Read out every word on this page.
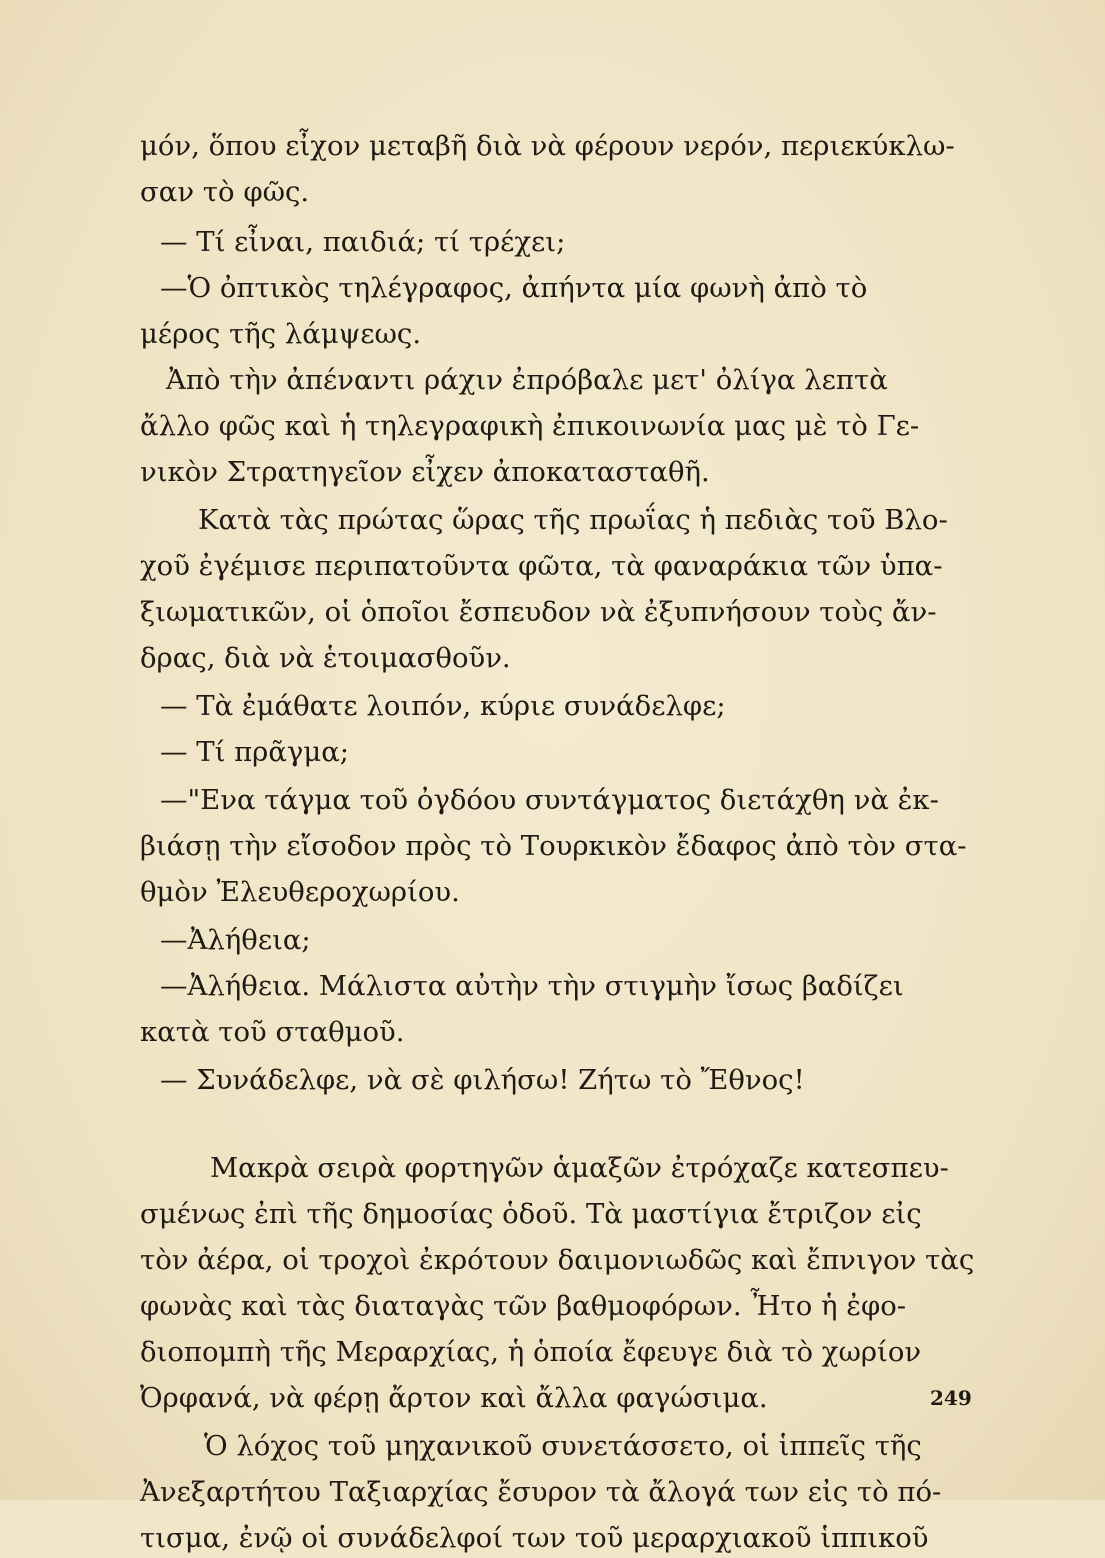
μόν, ὅπου εἶχον μεταβῆ διὰ νὰ φέρουν νερόν, περιεκύκλω-
σαν τὸ φῶς.
— Τί εἶναι, παιδιά; τί τρέχει;
—Ὁ ὀπτικὸς τηλέγραφος, ἀπήντα μία φωνὴ ἀπὸ τὸ
μέρος τῆς λάμψεως.
Ἀπὸ τὴν ἀπέναντι ράχιν ἐπρόβαλε μετ' ὀλίγα λεπτὰ
ἄλλο φῶς καὶ ἡ τηλεγραφικὴ ἐπικοινωνία μας μὲ τὸ Γε-
νικὸν Στρατηγεῖον εἶχεν ἀποκατασταθῆ.
Κατὰ τὰς πρώτας ὥρας τῆς πρωΐας ἡ πεδιὰς τοῦ Βλο-
χοῦ ἐγέμισε περιπατοῦντα φῶτα, τὰ φαναράκια τῶν ὑπα-
ξιωματικῶν, οἱ ὁποῖοι ἔσπευδον νὰ ἐξυπνήσουν τοὺς ἄν-
δρας, διὰ νὰ ἑτοιμασθοῦν.
— Τὰ ἐμάθατε λοιπόν, κύριε συνάδελφε;
— Τί πρᾶγμα;
—"Ενα τάγμα τοῦ ὀγδόου συντάγματος διετάχθη νὰ ἐκ-
βιάσῃ τὴν εἴσοδον πρὸς τὸ Τουρκικὸν ἔδαφος ἀπὸ τὸν στα-
θμὸν Ἐλευθεροχωρίου.
—Ἀλήθεια;
—Ἀλήθεια. Μάλιστα αὐτὴν τὴν στιγμὴν ἴσως βαδίζει
κατὰ τοῦ σταθμοῦ.
— Συνάδελφε, νὰ σὲ φιλήσω! Ζήτω τὸ Ἔθνος!
Μακρὰ σειρὰ φορτηγῶν ἁμαξῶν ἐτρόχαζε κατεσπευ-
σμένως ἐπὶ τῆς δημοσίας ὁδοῦ. Τὰ μαστίγια ἔτριζον εἰς
τὸν ἀέρα, οἱ τροχοὶ ἐκρότουν δαιμονιωδῶς καὶ ἔπνιγον τὰς
φωνὰς καὶ τὰς διαταγὰς τῶν βαθμοφόρων. Ἦτο ἡ ἐφο-
διοπομπὴ τῆς Μεραρχίας, ἡ ὁποία ἔφευγε διὰ τὸ χωρίον
Ὀρφανά, νὰ φέρῃ ἄρτον καὶ ἄλλα φαγώσιμα.
Ὁ λόχος τοῦ μηχανικοῦ συνετάσσετο, οἱ ἱππεῖς τῆς
Ἀνεξαρτήτου Ταξιαρχίας ἔσυρον τὰ ἄλογά των εἰς τὸ πό-
τισμα, ἐνῷ οἱ συνάδελφοί των τοῦ μεραρχιακοῦ ἱππικοῦ
249
